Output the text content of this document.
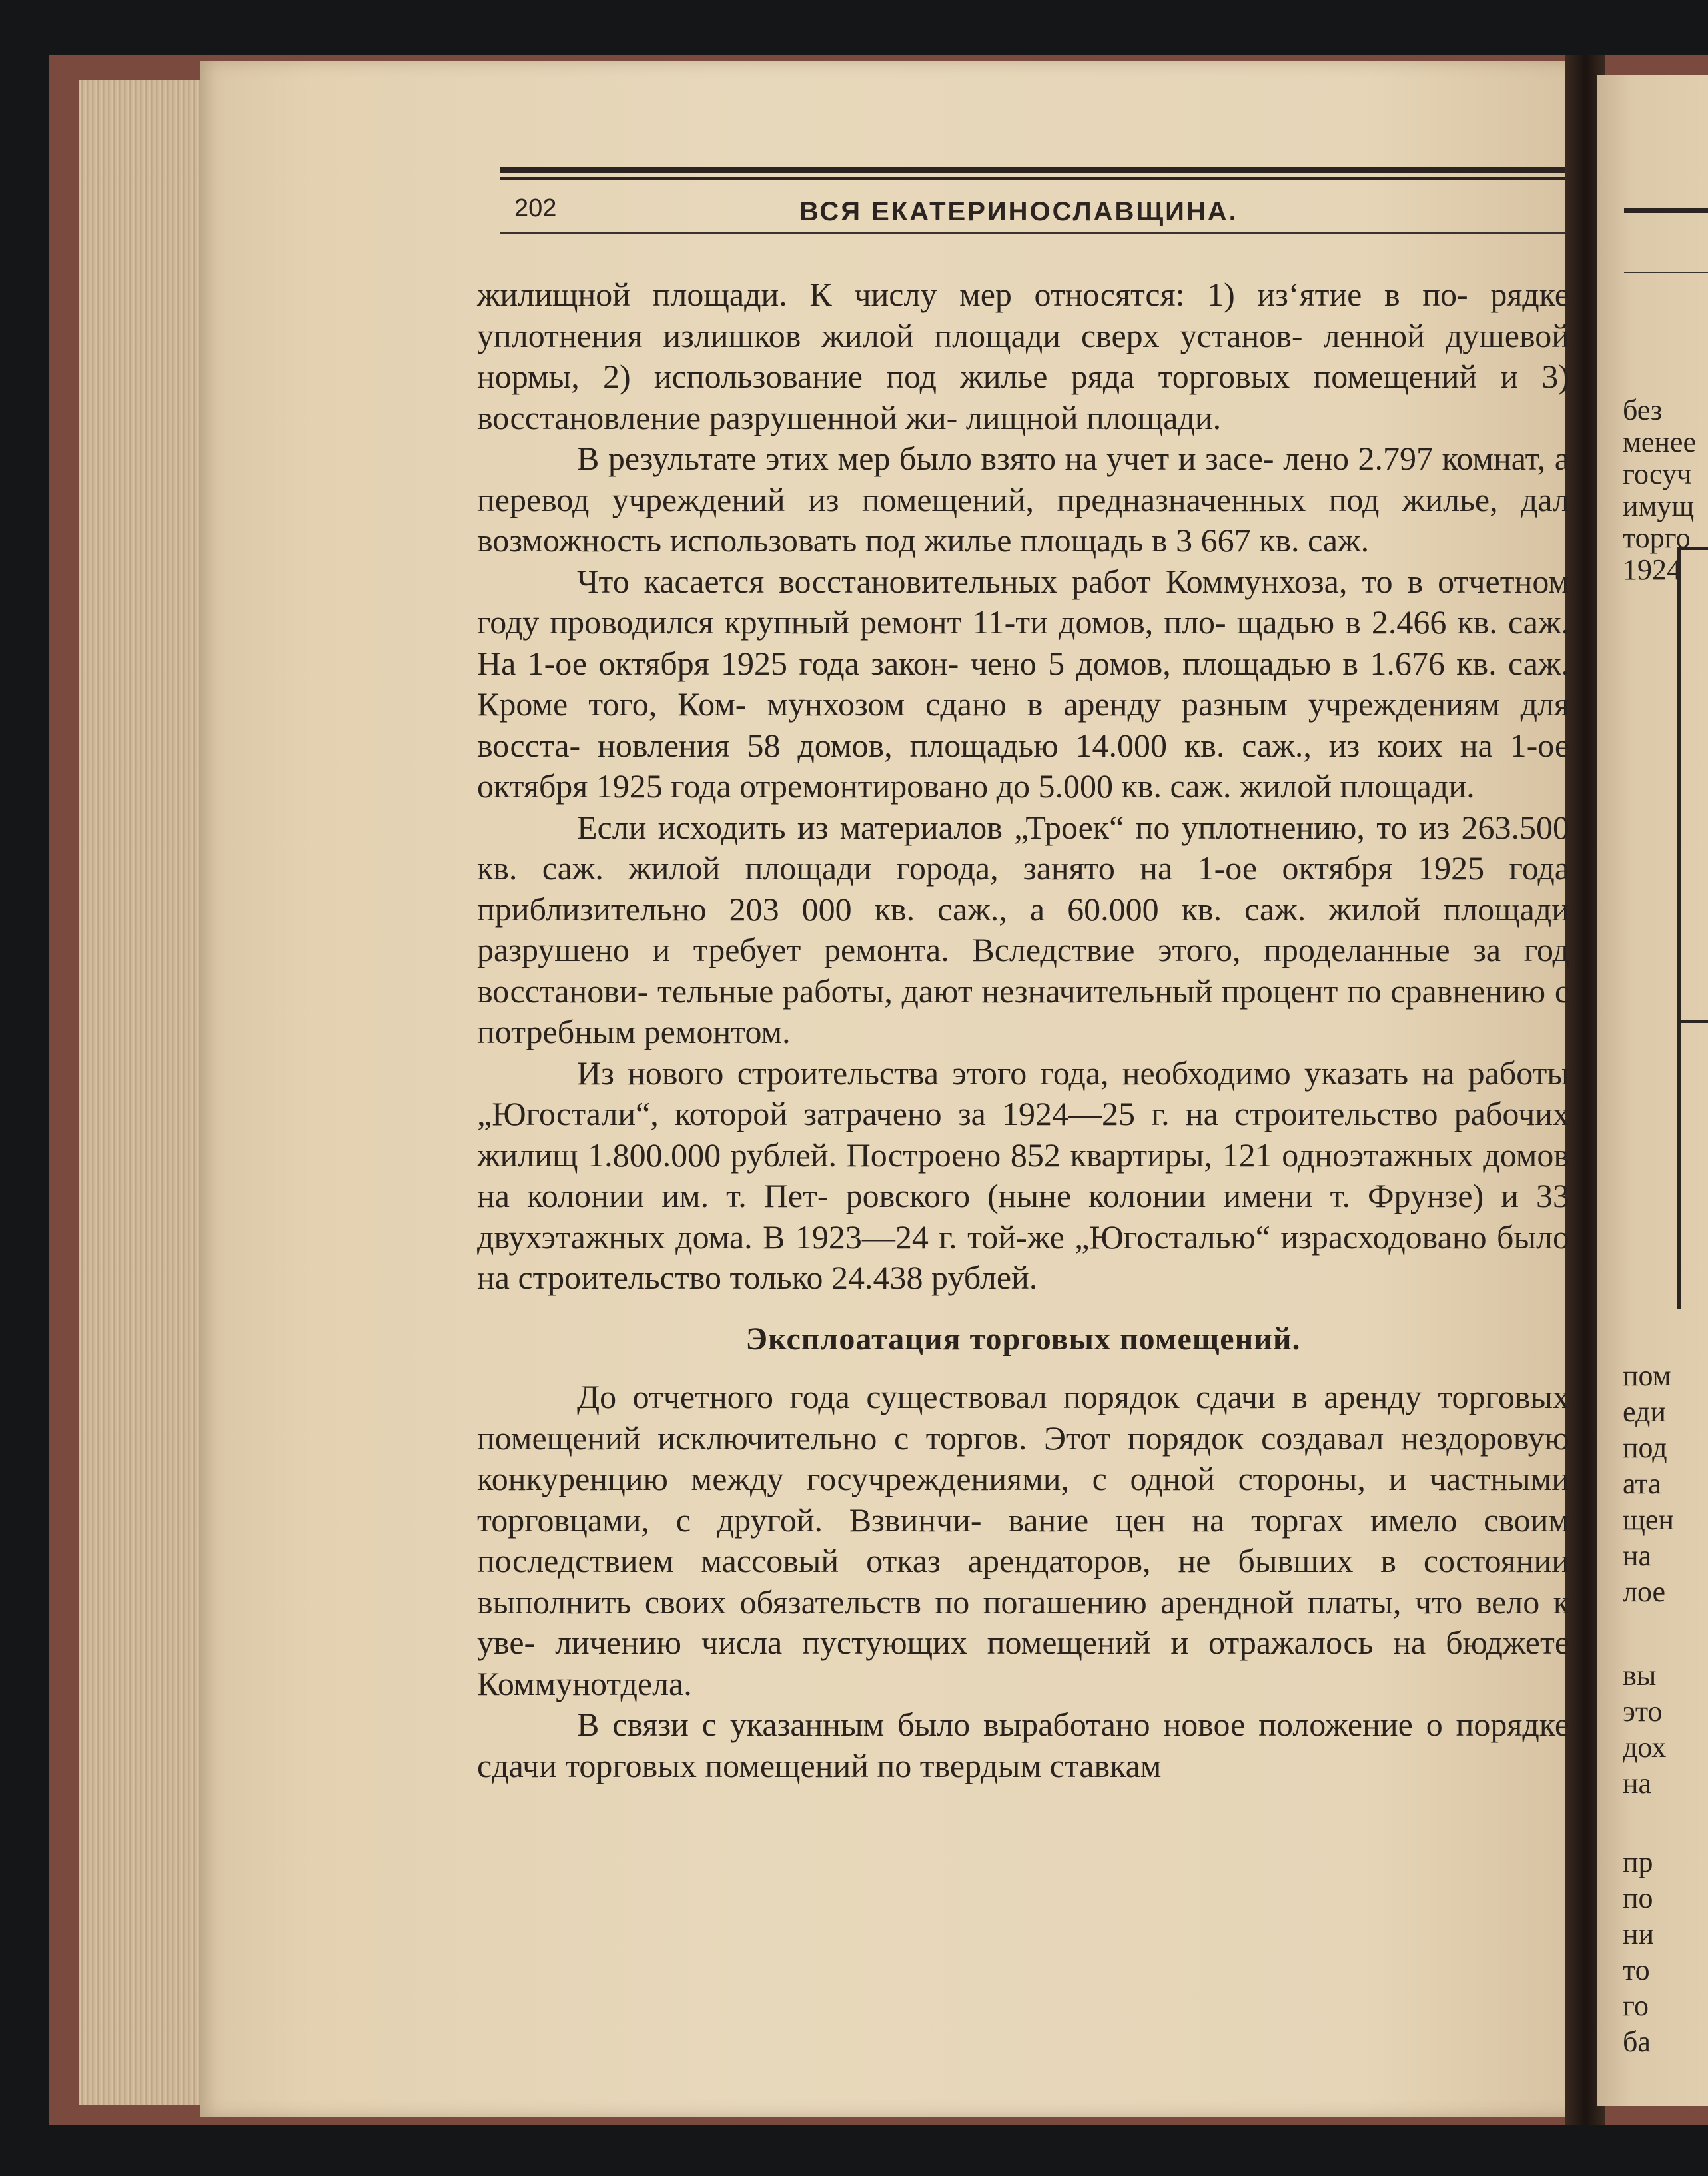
без
менее
госуч
имущ
торго
1924
пом
еди
под
ата
щен
на
лое
вы
это
дох
на
пр
по
ни
то
го
ба
202	ВСЯ ЕКАТЕРИНОСЛАВЩИНА.

жилищной площади. К числу мер относятся: 1) из‘ятие в по- рядке уплотнения излишков жилой площади сверх установ- ленной душевой нормы, 2) использование под жилье ряда торговых помещений и 3) восстановление разрушенной жи- лищной площади.

В результате этих мер было взято на учет и засе- лено 2.797 комнат, а перевод учреждений из помещений, предназначенных под жилье, дал возможность использовать под жилье площадь в 3 667 кв. саж.

Что касается восстановительных работ Коммунхоза, то в отчетном году проводился крупный ремонт 11-ти домов, пло- щадью в 2.466 кв. саж. На 1-ое октября 1925 года закон- чено 5 домов, площадью в 1.676 кв. саж. Кроме того, Ком- мунхозом сдано в аренду разным учреждениям для восста- новления 58 домов, площадью 14.000 кв. саж., из коих на 1-ое октября 1925 года отремонтировано до 5.000 кв. саж. жилой площади.

Если исходить из материалов „Троек“ по уплотнению, то из 263.500 кв. саж. жилой площади города, занято на 1-ое октября 1925 года приблизительно 203 000 кв. саж., а 60.000 кв. саж. жилой площади разрушено и требует ремонта. Вследствие этого, проделанные за год восстанови- тельные работы, дают незначительный процент по сравнению с потребным ремонтом.

Из нового строительства этого года, необходимо указать на работы „Югостали“, которой затрачено за 1924—25 г. на строительство рабочих жилищ 1.800.000 рублей. Построено 852 квартиры, 121 одноэтажных домов на колонии им. т. Пет- ровского (ныне колонии имени т. Фрунзе) и 33 двухэтажных дома. В 1923—24 г. той-же „Югосталью“ израсходовано было на строительство только 24.438 рублей.

Эксплоатация торговых помещений.

До отчетного года существовал порядок сдачи в аренду торговых помещений исключительно с торгов. Этот порядок создавал нездоровую конкуренцию между госучреждениями, с одной стороны, и частными торговцами, с другой. Взвинчи- вание цен на торгах имело своим последствием массовый отказ арендаторов, не бывших в состоянии выполнить своих обязательств по погашению арендной платы, что вело к уве- личению числа пустующих помещений и отражалось на бюджете Коммунотдела.

В связи с указанным было выработано новое положение о порядке сдачи торговых помещений по твердым ставкам
